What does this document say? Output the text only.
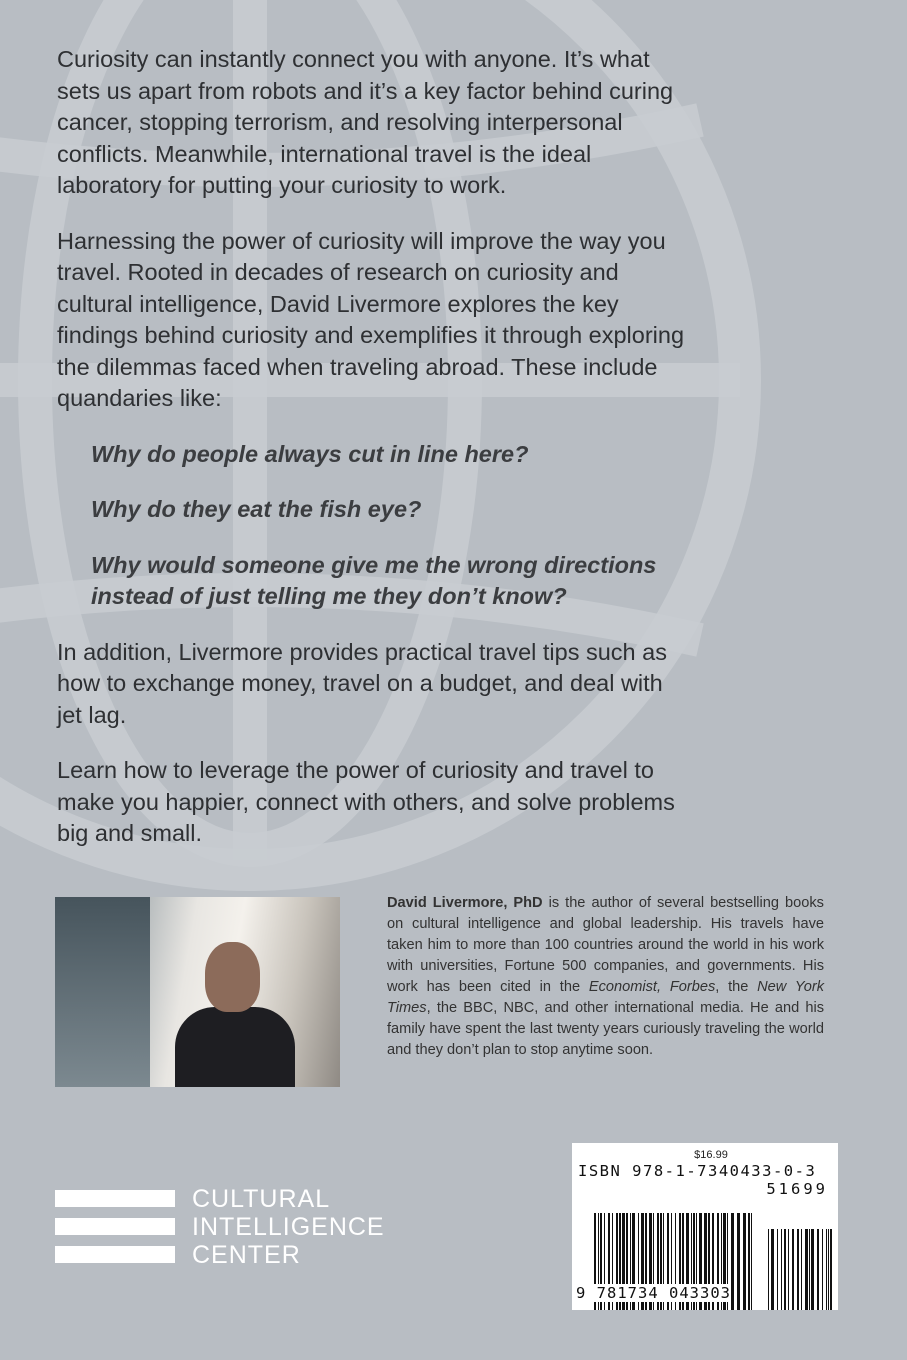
Curiosity can instantly connect you with anyone. It’s what
sets us apart from robots and it’s a key factor behind curing
cancer, stopping terrorism, and resolving interpersonal
conflicts. Meanwhile, international travel is the ideal
laboratory for putting your curiosity to work.
Harnessing the power of curiosity will improve the way you
travel. Rooted in decades of research on curiosity and
cultural intelligence, David Livermore explores the key
findings behind curiosity and exemplifies it through exploring
the dilemmas faced when traveling abroad. These include
quandaries like:
Why do people always cut in line here?
Why do they eat the fish eye?
Why would someone give me the wrong directions
instead of just telling me they don’t know?
In addition, Livermore provides practical travel tips such as
how to exchange money, travel on a budget, and deal with
jet lag.
Learn how to leverage the power of curiosity and travel to
make you happier, connect with others, and solve problems
big and small.
David Livermore, PhD is the author of several bestselling books on cultural intelligence and global leadership. His travels have taken him to more than 100 countries around the world in his work with universities, Fortune 500 companies, and governments. His work has been cited in the Economist, Forbes, the New York Times, the BBC, NBC, and other international media. He and his family have spent the last twenty years curiously traveling the world and they don’t plan to stop anytime soon.
CULTURAL
INTELLIGENCE
CENTER
$16.99
ISBN 978-1-7340433-0-3
51699
9 781734 043303
